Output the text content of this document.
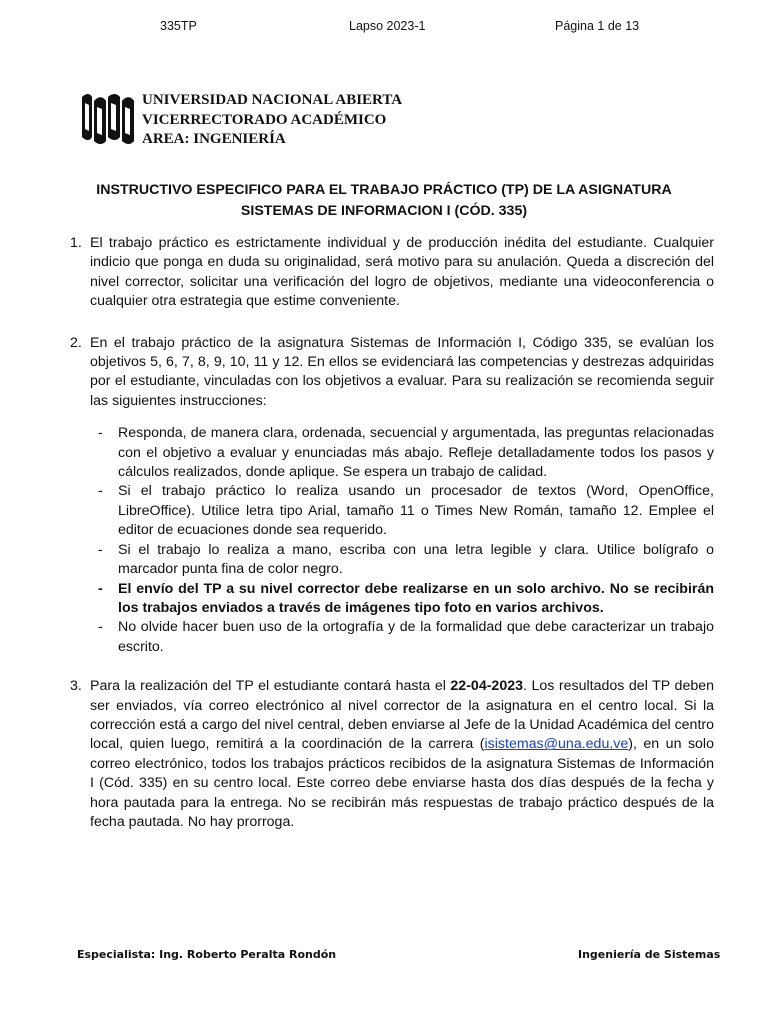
335TP	Lapso 2023-1	Página 1 de 13
UNIVERSIDAD NACIONAL ABIERTA
VICERRECTORADO ACADÉMICO
AREA: INGENIERÍA
INSTRUCTIVO ESPECIFICO PARA EL TRABAJO PRÁCTICO (TP) DE LA ASIGNATURA
SISTEMAS DE INFORMACION I (CÓD. 335)
1. El trabajo práctico es estrictamente individual y de producción inédita del estudiante. Cualquier indicio que ponga en duda su originalidad, será motivo para su anulación. Queda a discreción del nivel corrector, solicitar una verificación del logro de objetivos, mediante una videoconferencia o cualquier otra estrategia que estime conveniente.

2. En el trabajo práctico de la asignatura Sistemas de Información I, Código 335, se evalúan los objetivos 5, 6, 7, 8, 9, 10, 11 y 12. En ellos se evidenciará las competencias y destrezas adquiridas por el estudiante, vinculadas con los objetivos a evaluar. Para su realización se recomienda seguir las siguientes instrucciones:

- Responda, de manera clara, ordenada, secuencial y argumentada, las preguntas relacionadas con el objetivo a evaluar y enunciadas más abajo. Refleje detalladamente todos los pasos y cálculos realizados, donde aplique. Se espera un trabajo de calidad.
- Si el trabajo práctico lo realiza usando un procesador de textos (Word, OpenOffice, LibreOffice). Utilice letra tipo Arial, tamaño 11 o Times New Román, tamaño 12. Emplee el editor de ecuaciones donde sea requerido.
- Si el trabajo lo realiza a mano, escriba con una letra legible y clara. Utilice bolígrafo o marcador punta fina de color negro.
- El envío del TP a su nivel corrector debe realizarse en un solo archivo. No se recibirán los trabajos enviados a través de imágenes tipo foto en varios archivos.
- No olvide hacer buen uso de la ortografía y de la formalidad que debe caracterizar un trabajo escrito.
3. Para la realización del TP el estudiante contará hasta el 22-04-2023. Los resultados del TP deben ser enviados, vía correo electrónico al nivel corrector de la asignatura en el centro local. Si la corrección está a cargo del nivel central, deben enviarse al Jefe de la Unidad Académica del centro local, quien luego, remitirá a la coordinación de la carrera (isistemas@una.edu.ve), en un solo correo electrónico, todos los trabajos prácticos recibidos de la asignatura Sistemas de Información I (Cód. 335) en su centro local. Este correo debe enviarse hasta dos días después de la fecha y hora pautada para la entrega. No se recibirán más respuestas de trabajo práctico después de la fecha pautada. No hay prorroga.

Especialista: Ing. Roberto Peralta Rondón	Ingeniería de Sistemas
